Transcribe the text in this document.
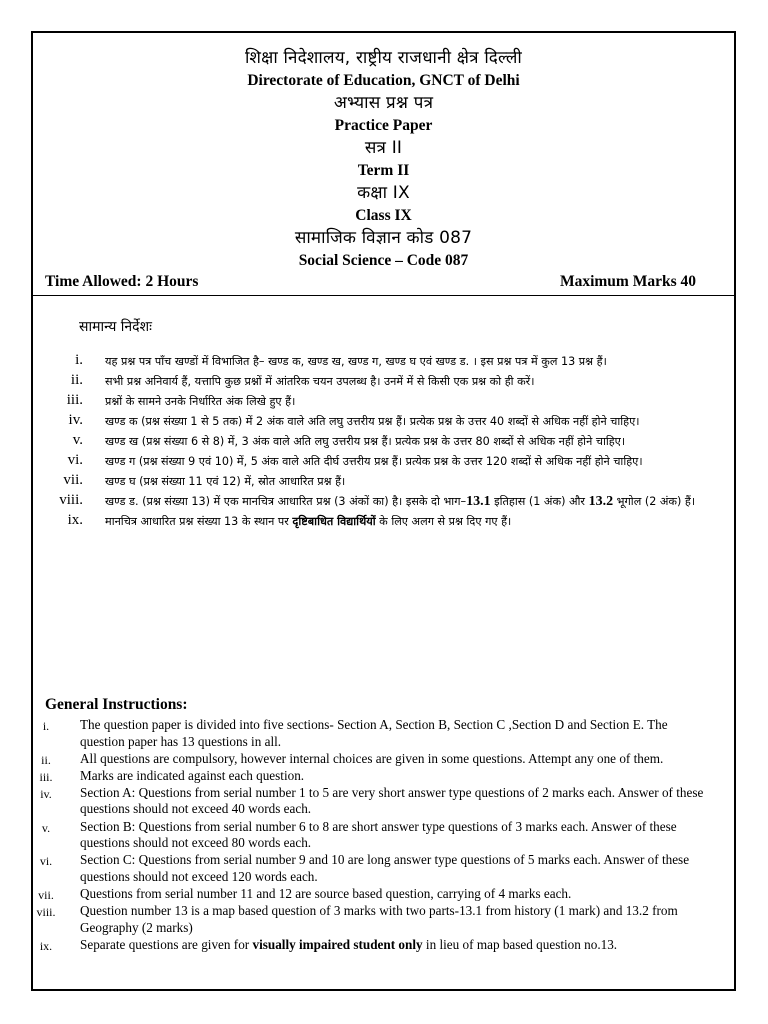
शिक्षा निदेशालय, राष्ट्रीय राजधानी क्षेत्र दिल्ली
Directorate of Education, GNCT of Delhi
अभ्यास प्रश्न पत्र
Practice Paper
सत्र II
Term II
कक्षा IX
Class IX
सामाजिक विज्ञान कोड 087
Social Science – Code 087
Time Allowed: 2 Hours	Maximum Marks 40
सामान्य निर्देशः
i. यह प्रश्न पत्र पाँच खण्डों में विभाजित है– खण्ड क, खण्ड ख, खण्ड ग, खण्ड घ एवं खण्ड ड. । इस प्रश्न पत्र में कुल 13 प्रश्न हैं।
ii. सभी प्रश्न अनिवार्य हैं, यत्तापि कुछ प्रश्नों में आंतरिक चयन उपलब्ध है। उनमें में से किसी एक प्रश्न को ही करें।
iii. प्रश्नों के सामने उनके निर्धारित अंक लिखे हुए हैं।
iv. खण्ड क (प्रश्न संख्या 1 से 5 तक) में 2 अंक वाले अति लघु उत्तरीय प्रश्न हैं। प्रत्येक प्रश्न के उत्तर 40 शब्दों से अधिक नहीं होने चाहिए।
v. खण्ड ख (प्रश्न संख्या 6 से 8) में, 3 अंक वाले अति लघु उत्तरीय प्रश्न हैं। प्रत्येक प्रश्न के उत्तर 80 शब्दों से अधिक नहीं होने चाहिए।
vi. खण्ड ग (प्रश्न संख्या 9 एवं 10) में, 5 अंक वाले अति दीर्घ उत्तरीय प्रश्न हैं। प्रत्येक प्रश्न के उत्तर 120 शब्दों से अधिक नहीं होने चाहिए।
vii. खण्ड घ (प्रश्न संख्या 11 एवं 12) में, स्रोत आधारित प्रश्न हैं।
viii. खण्ड ड. (प्रश्न संख्या 13) में एक मानचित्र आधारित प्रश्न (3 अंकों का) है। इसके दो भाग–13.1 इतिहास (1 अंक) और 13.2 भूगोल (2 अंक) हैं।
ix. मानचित्र आधारित प्रश्न संख्या 13 के स्थान पर दृष्टिबाधित विद्यार्थियों के लिए अलग से प्रश्न दिए गए हैं।
General Instructions:
i.	The question paper is divided into five sections- Section A, Section B, Section C ,Section D and Section E. The question paper has 13 questions in all.
ii.	All questions are compulsory, however internal choices are given in some questions. Attempt any one of them.
iii.	Marks are indicated against each question.
iv.	Section A: Questions from serial number 1 to 5 are very short answer type questions of 2 marks each. Answer of these questions should not exceed 40 words each.
v.	Section B: Questions from serial number 6 to 8 are short answer type questions of 3 marks each. Answer of these questions should not exceed 80 words each.
vi.	Section C: Questions from serial number 9 and 10 are long answer type questions of 5 marks each. Answer of these questions should not exceed 120 words each.
vii.	Questions from serial number 11 and 12 are source based question, carrying of 4 marks each.
viii. Question number 13 is a map based question of 3 marks with two parts-13.1 from history (1 mark) and 13.2 from Geography (2 marks)
ix.	Separate questions are given for visually impaired student only in lieu of map based question no.13.
